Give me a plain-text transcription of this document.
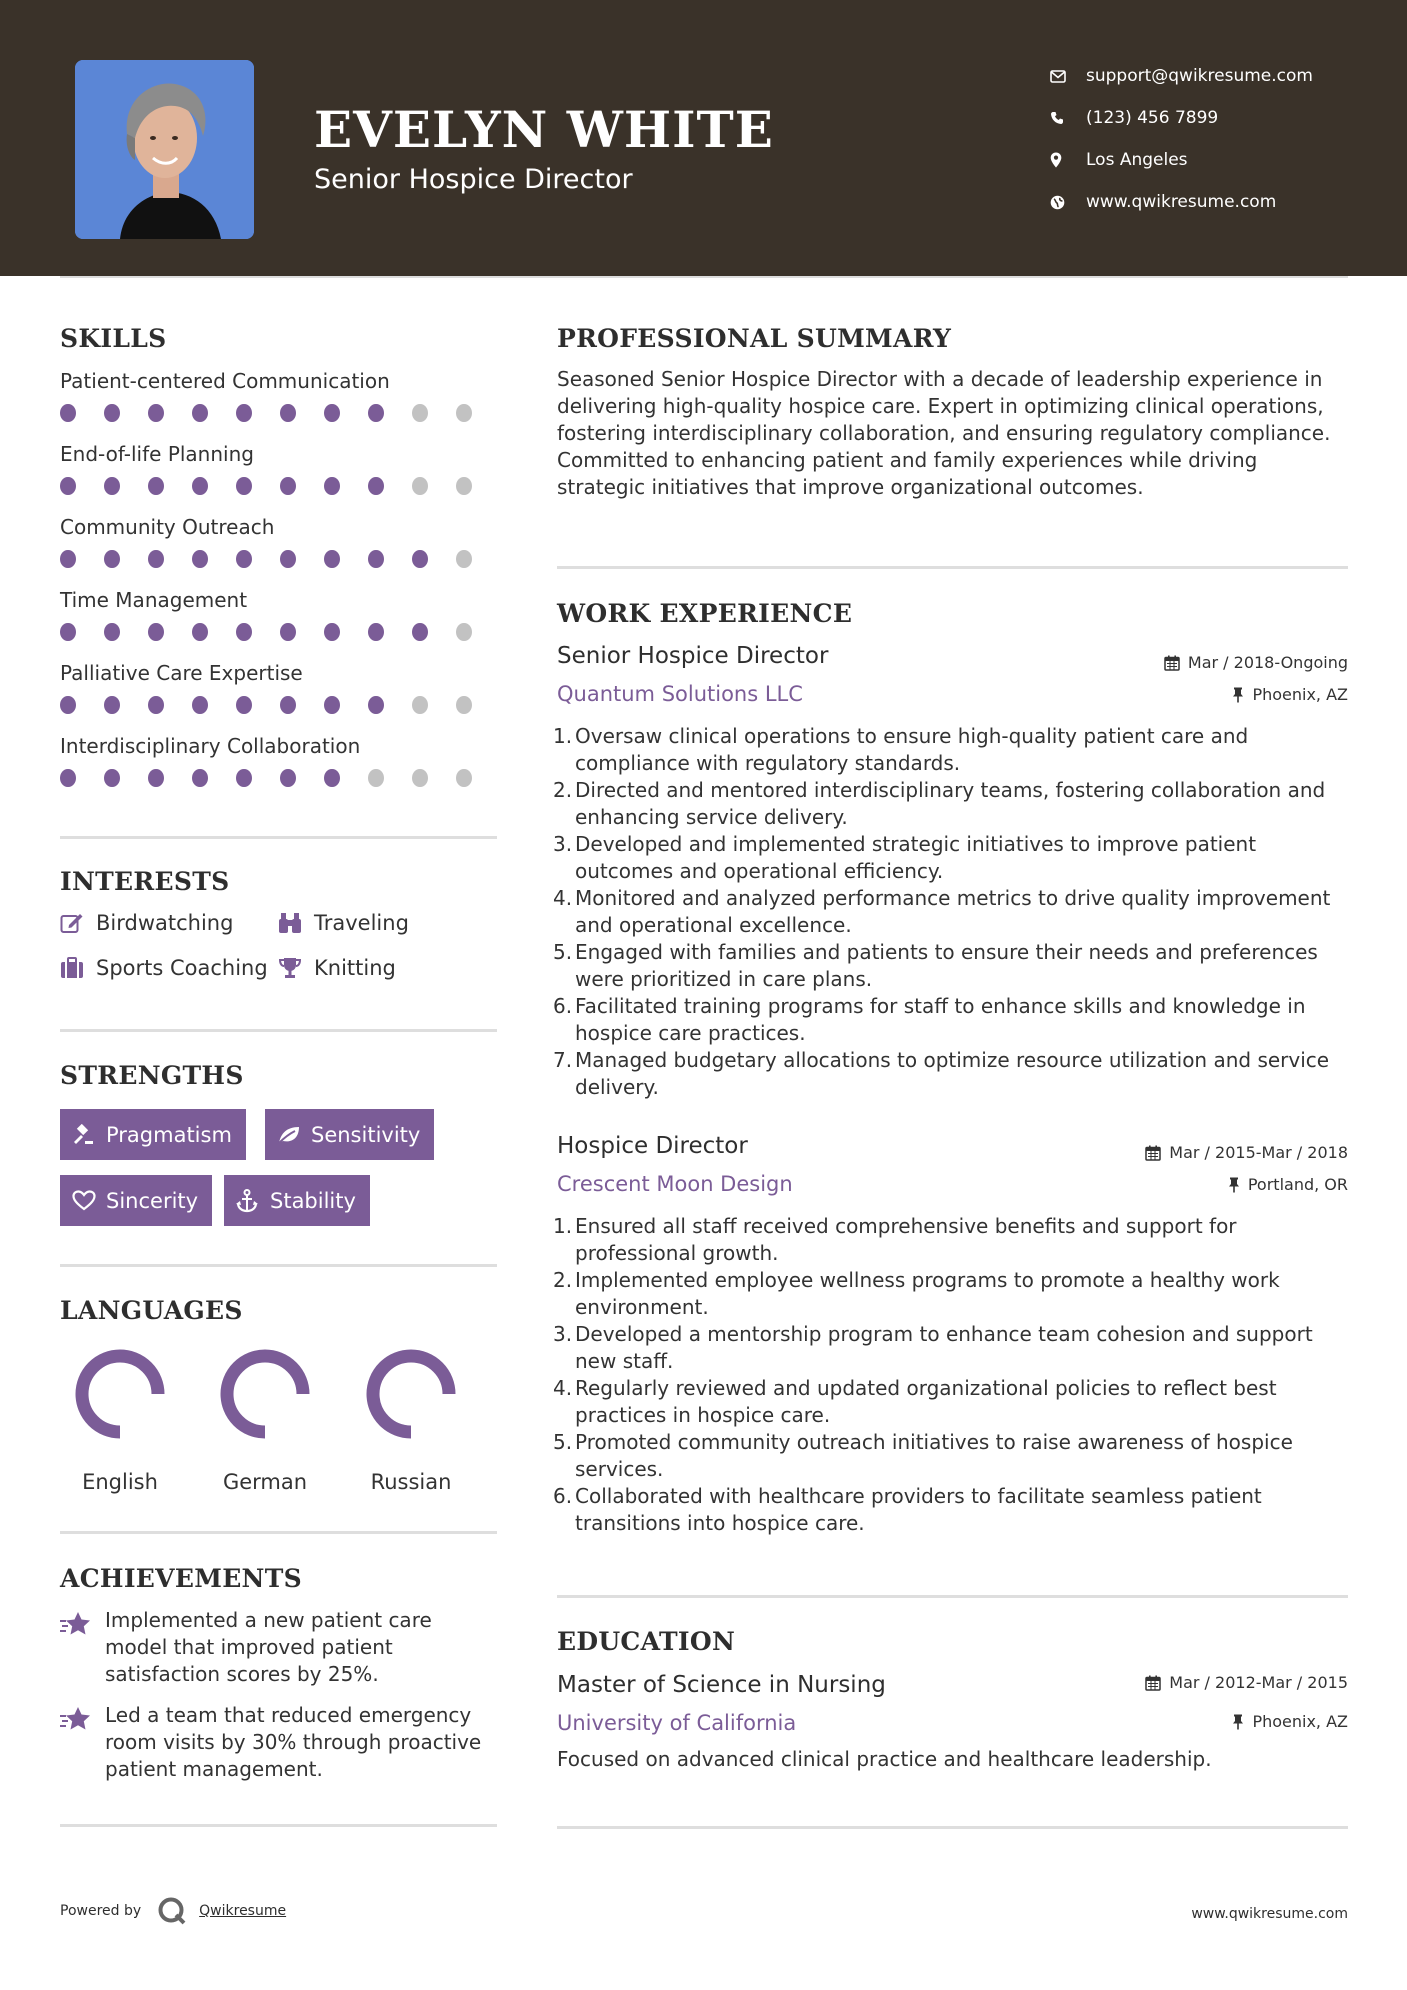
EVELYN WHITE
Senior Hospice Director
support@qwikresume.com
(123) 456 7899
Los Angeles
www.qwikresume.com
SKILLS
Patient-centered Communication
End-of-life Planning
Community Outreach
Time Management
Palliative Care Expertise
Interdisciplinary Collaboration
INTERESTS
Birdwatching	Traveling
Sports Coaching Knitting
STRENGTHS
Pragmatism	Sensitivity
Sincerity	Stability
LANGUAGES
English	German	Russian
ACHIEVEMENTS
Implemented a new patient care model that improved patient satisfaction scores by 25%.
Led a team that reduced emergency room visits by 30% through proactive patient management.
PROFESSIONAL SUMMARY
Seasoned Senior Hospice Director with a decade of leadership experience in delivering high-quality hospice care. Expert in optimizing clinical operations, fostering interdisciplinary collaboration, and ensuring regulatory compliance. Committed to enhancing patient and family experiences while driving strategic initiatives that improve organizational outcomes.
WORK EXPERIENCE
Senior Hospice Director	Mar / 2018-Ongoing
Quantum Solutions LLC	Phoenix, AZ
1. Oversaw clinical operations to ensure high-quality patient care and compliance with regulatory standards.
2. Directed and mentored interdisciplinary teams, fostering collaboration and enhancing service delivery.
3. Developed and implemented strategic initiatives to improve patient outcomes and operational efficiency.
4. Monitored and analyzed performance metrics to drive quality improvement and operational excellence.
5. Engaged with families and patients to ensure their needs and preferences were prioritized in care plans.
6. Facilitated training programs for staff to enhance skills and knowledge in hospice care practices.
7. Managed budgetary allocations to optimize resource utilization and service delivery.
Hospice Director	Mar / 2015-Mar / 2018
Crescent Moon Design	Portland, OR
1. Ensured all staff received comprehensive benefits and support for professional growth.
2. Implemented employee wellness programs to promote a healthy work environment.
3. Developed a mentorship program to enhance team cohesion and support new staff.
4. Regularly reviewed and updated organizational policies to reflect best practices in hospice care.
5. Promoted community outreach initiatives to raise awareness of hospice services.
6. Collaborated with healthcare providers to facilitate seamless patient transitions into hospice care.
EDUCATION
Master of Science in Nursing	Mar / 2012-Mar / 2015
University of California	Phoenix, AZ
Focused on advanced clinical practice and healthcare leadership.
Powered by	Qwikresume	www.qwikresume.com
